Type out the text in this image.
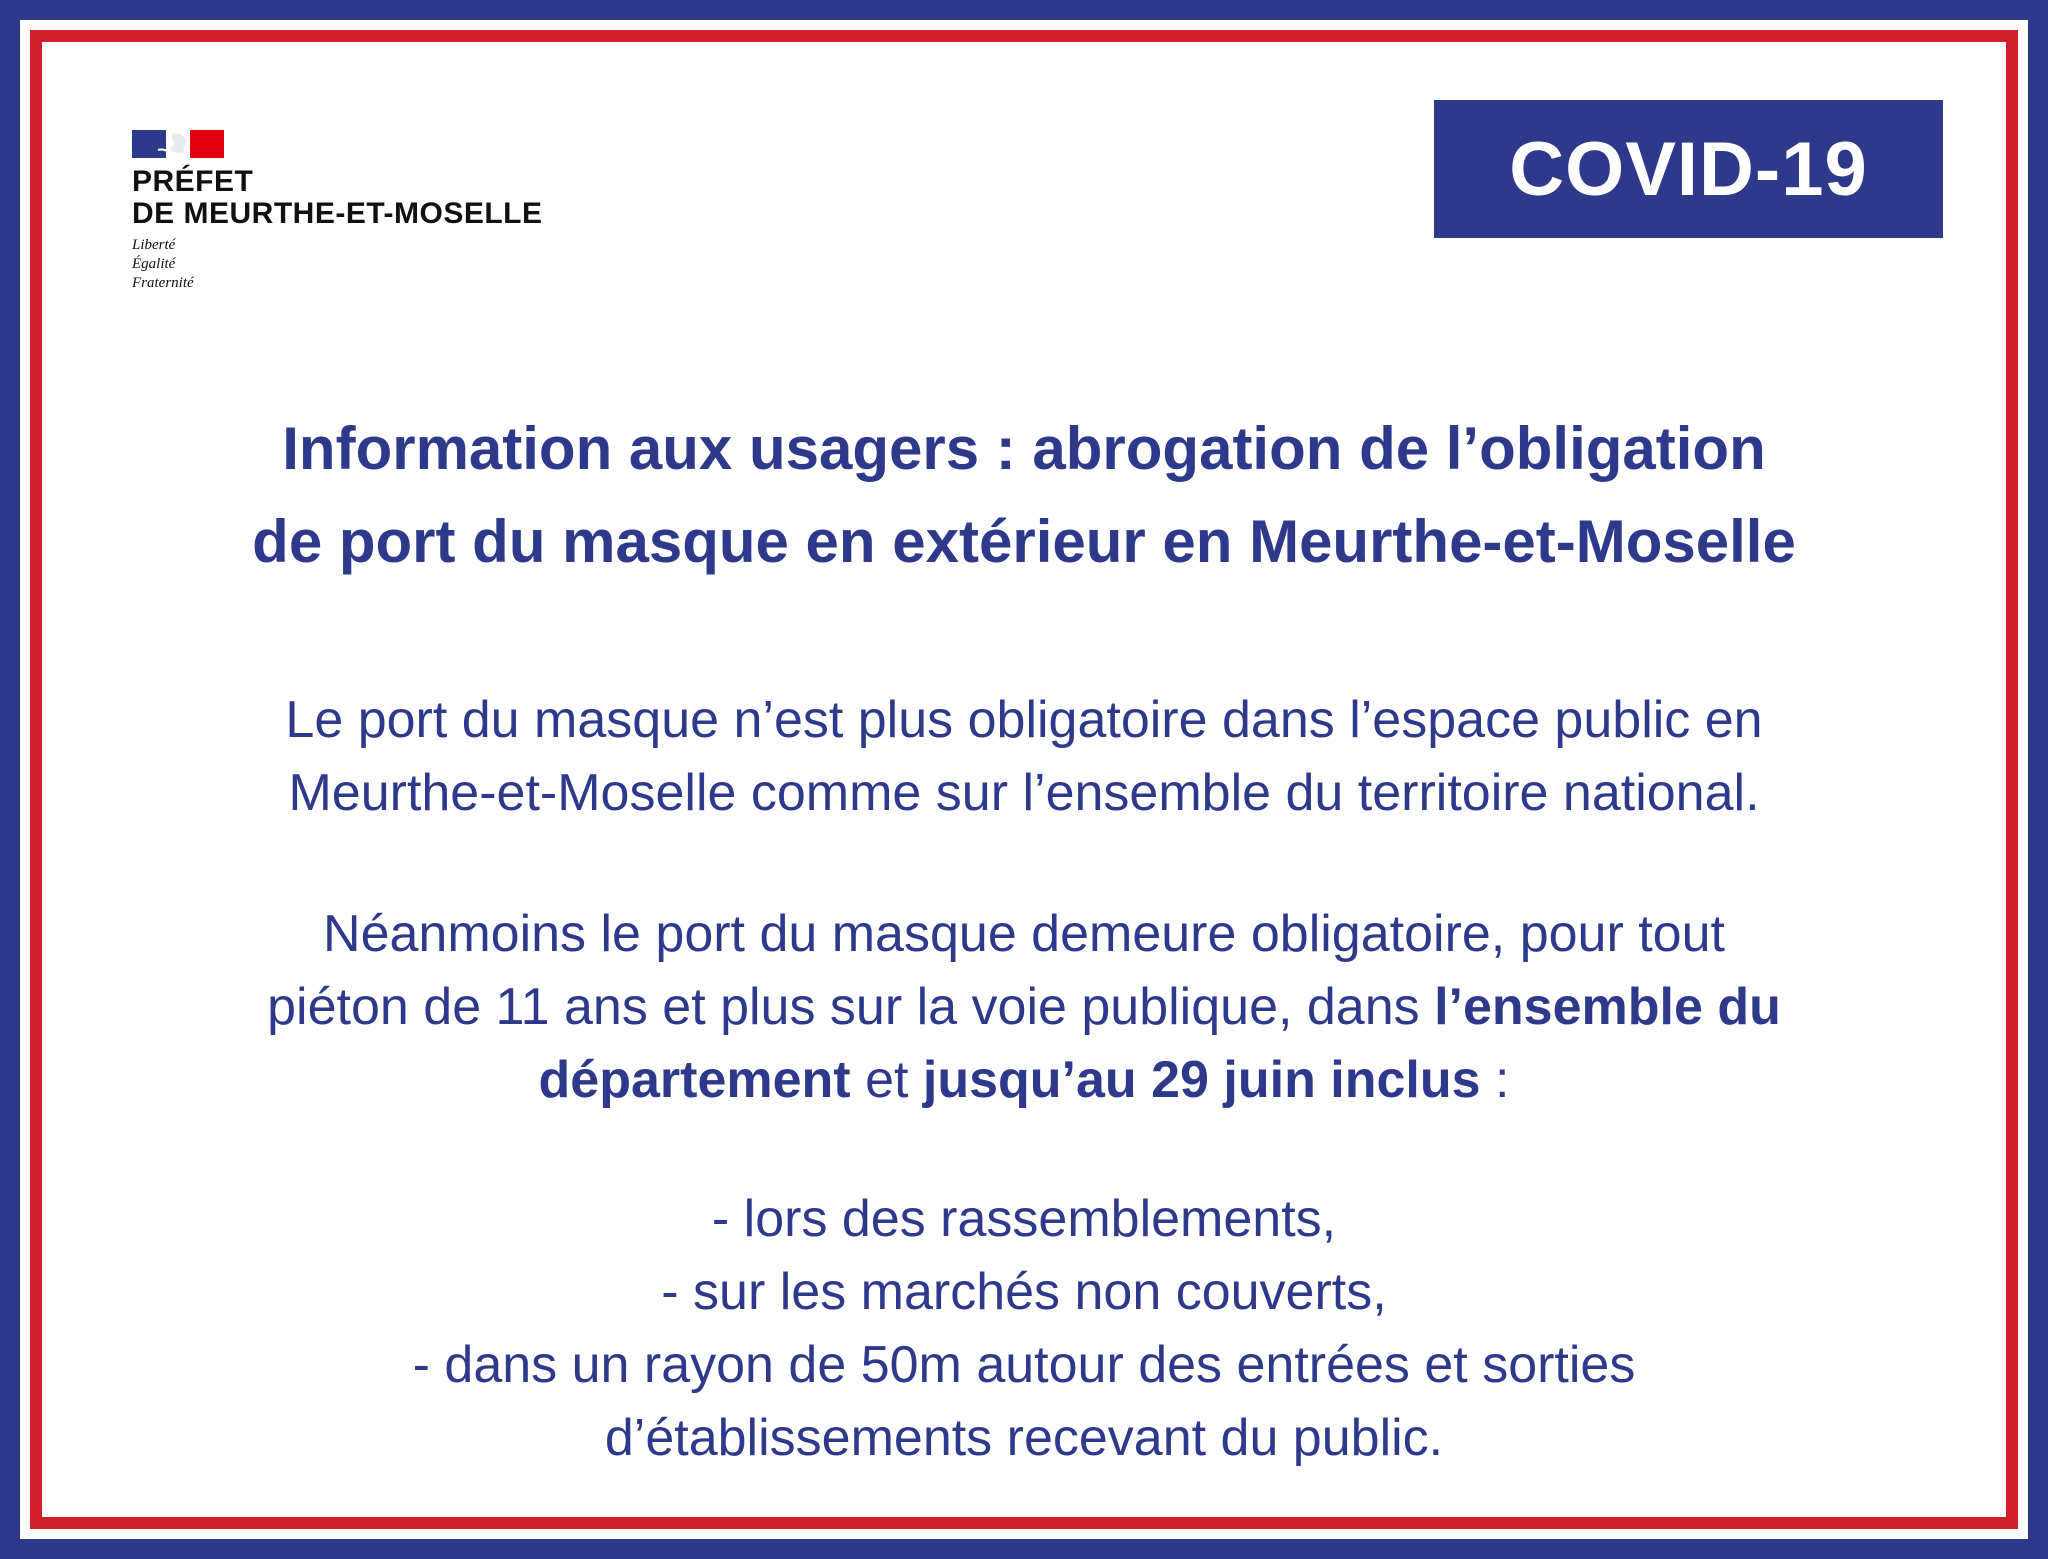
PRÉFET
DE MEURTHE-ET-MOSELLE
Liberté
Égalité
Fraternité
COVID-19
Information aux usagers : abrogation de l’obligation
de port du masque en extérieur en Meurthe-et-Moselle
Le port du masque n’est plus obligatoire dans l’espace public en
Meurthe-et-Moselle comme sur l’ensemble du territoire national.
Néanmoins le port du masque demeure obligatoire, pour tout
piéton de 11 ans et plus sur la voie publique, dans l’ensemble du
département et jusqu’au 29 juin inclus :
- lors des rassemblements,
- sur les marchés non couverts,
- dans un rayon de 50m autour des entrées et sorties
d’établissements recevant du public.
